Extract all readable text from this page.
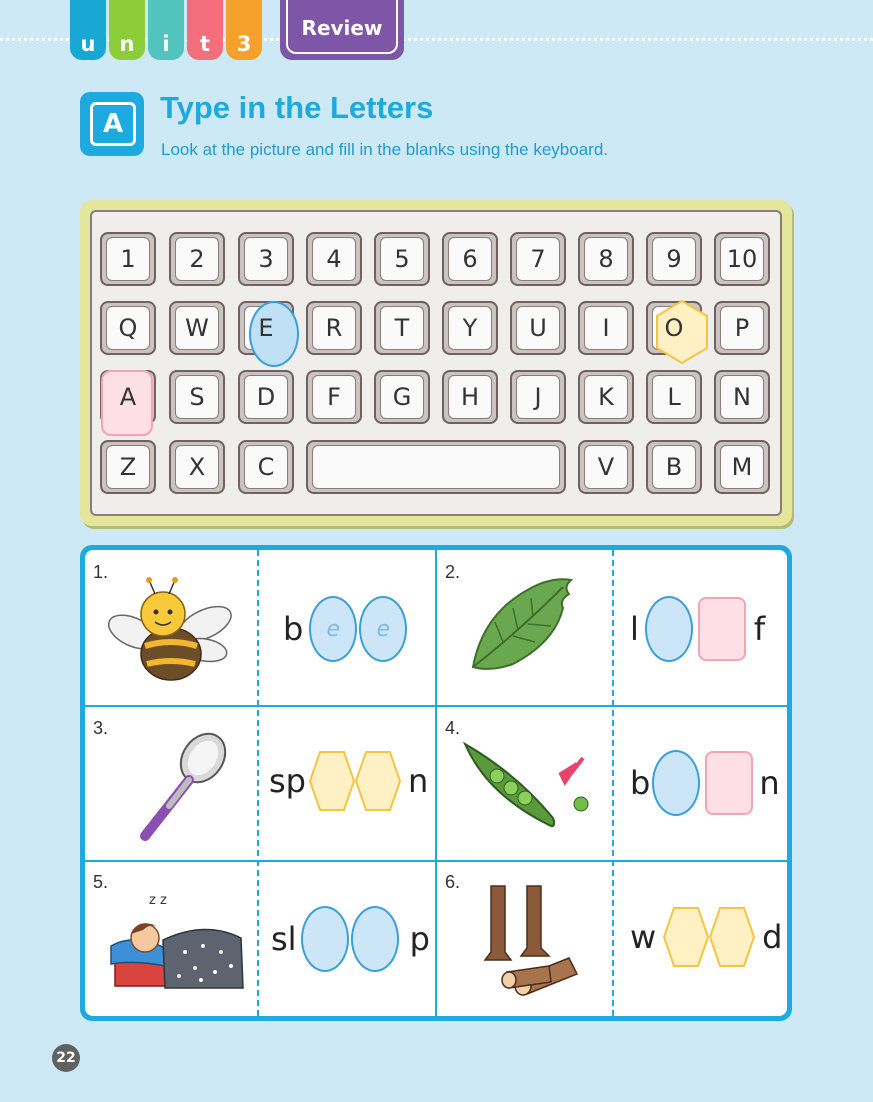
u	n	i	t	3
Review
A	Type in the Letters
Look at the picture and fill in the blanks using the keyboard.
1 2 3 4 5 6 7 8 9 10
Q W E R T Y U I O P
A S D F G H J K L N
Z X C	V B M
1.
b	e	e
2.
l	f
3.
sp	n
4.
b	n
5.
z z
sl	p
6.
w	d
22
